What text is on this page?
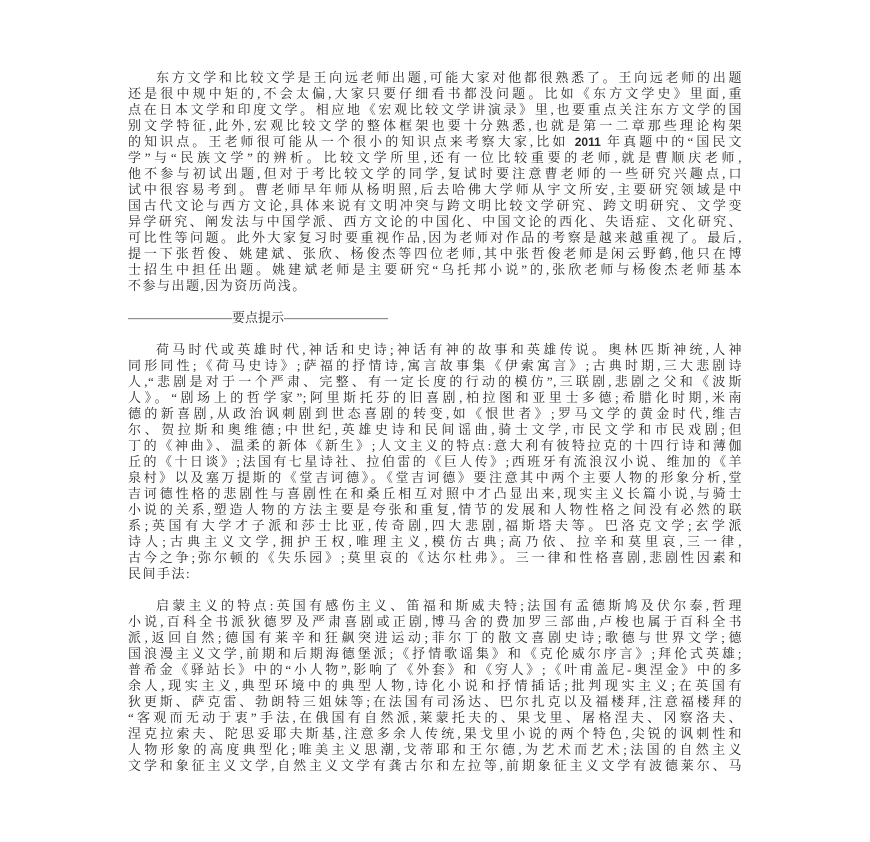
东方文学和比较文学是王向远老师出题,可能大家对他都很熟悉了。王向远老师的出题
还是很中规中矩的,不会太偏,大家只要仔细看书都没问题。比如《东方文学史》里面,重
点在日本文学和印度文学。相应地《宏观比较文学讲演录》里,也要重点关注东方文学的国
别文学特征,此外,宏观比较文学的整体框架也要十分熟悉,也就是第一二章那些理论构架
的知识点。王老师很可能从一个很小的知识点来考察大家,比如 2011 年真题中的“国民文
学”与“民族文学”的辨析。比较文学所里,还有一位比较重要的老师,就是曹顺庆老师,
他不参与初试出题,但对于考比较文学的同学,复试时要注意曹老师的一些研究兴趣点,口
试中很容易考到。曹老师早年师从杨明照,后去哈佛大学师从宇文所安,主要研究领域是中
国古代文论与西方文论,具体来说有文明冲突与跨文明比较文学研究、跨文明研究、文学变
异学研究、阐发法与中国学派、西方文论的中国化、中国文论的西化、失语症、文化研究、
可比性等问题。此外大家复习时要重视作品,因为老师对作品的考察是越来越重视了。最后,
提一下张哲俊、姚建斌、张欣、杨俊杰等四位老师,其中张哲俊老师是闲云野鹤,他只在博
士招生中担任出题。姚建斌老师是主要研究“乌托邦小说”的,张欣老师与杨俊杰老师基本
不参与出题,因为资历尚浅。
————————要点提示————————
荷马时代或英雄时代,神话和史诗;神话有神的故事和英雄传说。奥林匹斯神统,人神
同形同性;《荷马史诗》;萨福的抒情诗,寓言故事集《伊索寓言》;古典时期,三大悲剧诗
人,“悲剧是对于一个严肃、完整、有一定长度的行动的模仿”,三联剧,悲剧之父和《波斯
人》。“剧场上的哲学家”;阿里斯托芬的旧喜剧,柏拉图和亚里士多德;希腊化时期,米南
德的新喜剧,从政治讽刺剧到世态喜剧的转变,如《恨世者》;罗马文学的黄金时代,维吉
尔、贺拉斯和奥维德;中世纪,英雄史诗和民间谣曲,骑士文学,市民文学和市民戏剧;但
丁的《神曲》、温柔的新体《新生》;人文主义的特点:意大利有彼特拉克的十四行诗和薄伽
丘的《十日谈》;法国有七星诗社、拉伯雷的《巨人传》;西班牙有流浪汉小说、维加的《羊
泉村》以及塞万提斯的《堂吉诃德》。《堂吉诃德》要注意其中两个主要人物的形象分析,堂
吉诃德性格的悲剧性与喜剧性在和桑丘相互对照中才凸显出来,现实主义长篇小说,与骑士
小说的关系,塑造人物的方法主要是夸张和重复,情节的发展和人物性格之间没有必然的联
系;英国有大学才子派和莎士比亚,传奇剧,四大悲剧,福斯塔夫等。巴洛克文学;玄学派
诗人;古典主义文学,拥护王权,唯理主义,模仿古典;高乃依、拉辛和莫里哀,三一律,
古今之争;弥尔顿的《失乐园》;莫里哀的《达尔杜弗》。三一律和性格喜剧,悲剧性因素和
民间手法:
启蒙主义的特点:英国有感伤主义、笛福和斯威夫特;法国有孟德斯鸠及伏尔泰,哲理
小说,百科全书派狄德罗及严肃喜剧或正剧,博马舍的费加罗三部曲,卢梭也属于百科全书
派,返回自然;德国有莱辛和狂飙突进运动;菲尔丁的散文喜剧史诗;歌德与世界文学;德
国浪漫主义文学,前期和后期海德堡派;《抒情歌谣集》和《克伦威尔序言》;拜伦式英雄;
普希金《驿站长》中的“小人物”,影响了《外套》和《穷人》;《叶甫盖尼-奥涅金》中的多
余人,现实主义,典型环境中的典型人物,诗化小说和抒情插话;批判现实主义;在英国有
狄更斯、萨克雷、勃朗特三姐妹等;在法国有司汤达、巴尔扎克以及福楼拜,注意福楼拜的
“客观而无动于衷”手法,在俄国有自然派,莱蒙托夫的、果戈里、屠格涅夫、冈察洛夫、
涅克拉索夫、陀思妥耶夫斯基,注意多余人传统,果戈里小说的两个特色,尖锐的讽刺性和
人物形象的高度典型化;唯美主义思潮,戈蒂耶和王尔德,为艺术而艺术;法国的自然主义
文学和象征主义文学,自然主义文学有龚古尔和左拉等,前期象征主义文学有波德莱尔、马
